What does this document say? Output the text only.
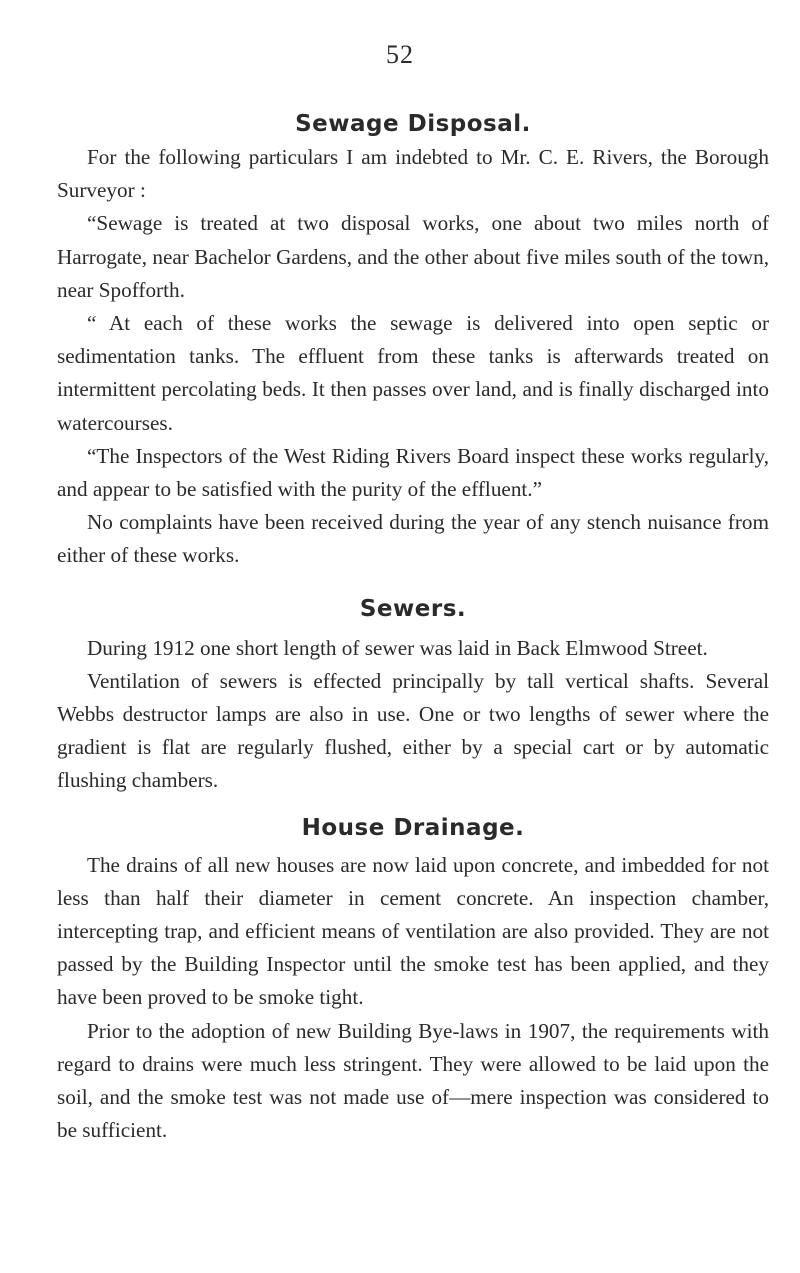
52
Sewage Disposal.

For the following particulars I am indebted to Mr. C. E. Rivers, the Borough Surveyor :

“Sewage is treated at two disposal works, one about two miles north of Harrogate, near Bachelor Gardens, and the other about five miles south of the town, near Spofforth.

“ At each of these works the sewage is delivered into open septic or sedimentation tanks. The effluent from these tanks is afterwards treated on intermittent percolating beds. It then passes over land, and is finally discharged into watercourses.

“The Inspectors of the West Riding Rivers Board inspect these works regularly, and appear to be satisfied with the purity of the effluent.”

No complaints have been received during the year of any stench nuisance from either of these works.

Sewers.

During 1912 one short length of sewer was laid in Back Elmwood Street.

Ventilation of sewers is effected principally by tall vertical shafts. Several Webbs destructor lamps are also in use. One or two lengths of sewer where the gradient is flat are regularly flushed, either by a special cart or by automatic flushing chambers.

House Drainage.

The drains of all new houses are now laid upon concrete, and imbedded for not less than half their diameter in cement concrete. An inspection chamber, intercepting trap, and efficient means of ventilation are also provided. They are not passed by the Building Inspector until the smoke test has been applied, and they have been proved to be smoke tight.

Prior to the adoption of new Building Bye-laws in 1907, the requirements with regard to drains were much less stringent. They were allowed to be laid upon the soil, and the smoke test was not made use of—mere inspection was considered to be sufficient.
